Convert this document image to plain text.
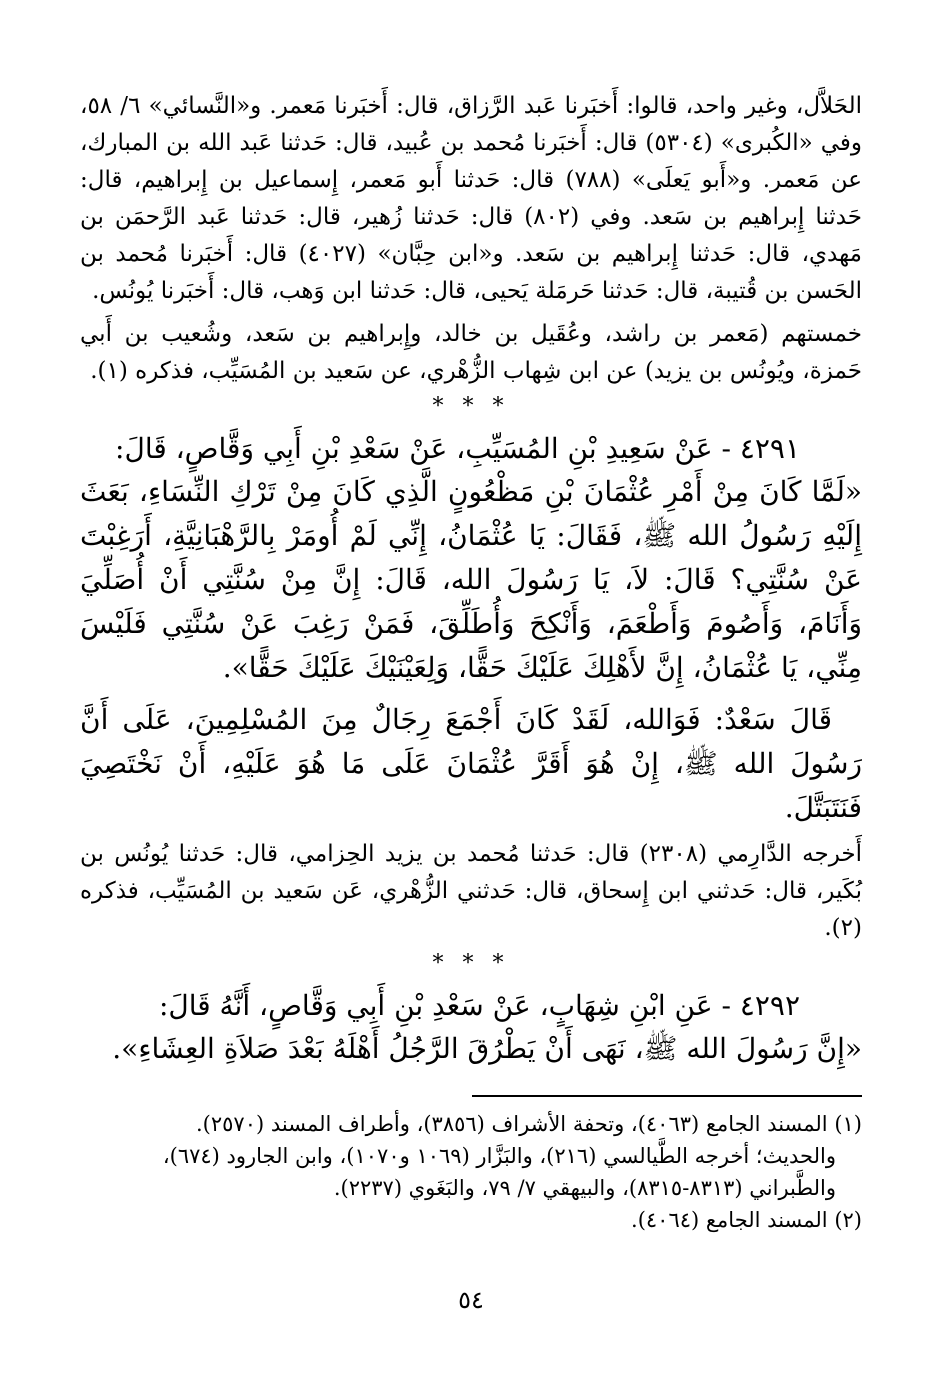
الحَلاَّل، وغير واحد، قالوا: أَخبَرنا عَبد الرَّزاق، قال: أَخبَرنا مَعمر. و«النَّسائي» ٦/ ٥٨، وفي «الكُبرى» (٥٣٠٤) قال: أَخبَرنا مُحمد بن عُبيد، قال: حَدثنا عَبد الله بن المبارك، عن مَعمر. و«أَبو يَعلَى» (٧٨٨) قال: حَدثنا أَبو مَعمر، إِسماعيل بن إِبراهيم، قال: حَدثنا إِبراهيم بن سَعد. وفي (٨٠٢) قال: حَدثنا زُهير، قال: حَدثنا عَبد الرَّحمَن بن مَهدي، قال: حَدثنا إِبراهيم بن سَعد. و«ابن حِبَّان» (٤٠٢٧) قال: أَخبَرنا مُحمد بن الحَسن بن قُتيبة، قال: حَدثنا حَرمَلة يَحيى، قال: حَدثنا ابن وَهب، قال: أَخبَرنا يُونُس.

خمستهم (مَعمر بن راشد، وعُقَيل بن خالد، وإِبراهيم بن سَعد، وشُعيب بن أَبي حَمزة، ويُونُس بن يزيد) عن ابن شِهاب الزُّهْري، عن سَعيد بن المُسَيِّب، فذكره (١).

* * *

٤٢٩١ - عَنْ سَعِيدِ بْنِ المُسَيِّبِ، عَنْ سَعْدِ بْنِ أَبِي وَقَّاصٍ، قَالَ:

«لَمَّا كَانَ مِنْ أَمْرِ عُثْمَانَ بْنِ مَظْعُونٍ الَّذِي كَانَ مِنْ تَرْكِ النِّسَاءِ، بَعَثَ إِلَيْهِ رَسُولُ الله ﷺ، فَقَالَ: يَا عُثْمَانُ، إِنِّي لَمْ أُومَرْ بِالرَّهْبَانِيَّةِ، أَرَغِبْتَ عَنْ سُنَّتِي؟ قَالَ: لاَ، يَا رَسُولَ الله، قَالَ: إِنَّ مِنْ سُنَّتِي أَنْ أُصَلِّيَ وَأَنَامَ، وَأَصُومَ وَأَطْعَمَ، وَأَنْكِحَ وَأُطَلِّقَ، فَمَنْ رَغِبَ عَنْ سُنَّتِي فَلَيْسَ مِنِّي، يَا عُثْمَانُ، إِنَّ لأَهْلِكَ عَلَيْكَ حَقًّا، وَلِعَيْنَيْكَ عَلَيْكَ حَقًّا».

قَالَ سَعْدٌ: فَوَالله، لَقَدْ كَانَ أَجْمَعَ رِجَالٌ مِنَ المُسْلِمِينَ، عَلَى أَنَّ رَسُولَ الله ﷺ، إِنْ هُوَ أَقَرَّ عُثْمَانَ عَلَى مَا هُوَ عَلَيْهِ، أَنْ نَخْتَصِيَ فَنَتَبَتَّلَ.

أَخرجه الدَّارِمي (٢٣٠٨) قال: حَدثنا مُحمد بن يزيد الحِزامي، قال: حَدثنا يُونُس بن بُكَير، قال: حَدثني ابن إِسحاق، قال: حَدثني الزُّهْري، عَن سَعيد بن المُسَيِّب، فذكره (٢).

* * *

٤٢٩٢ - عَنِ ابْنِ شِهَابٍ، عَنْ سَعْدِ بْنِ أَبِي وَقَّاصٍ، أَنَّهُ قَالَ:

«إِنَّ رَسُولَ الله ﷺ، نَهَى أَنْ يَطْرُقَ الرَّجُلُ أَهْلَهُ بَعْدَ صَلاَةِ العِشَاءِ».

(١) المسند الجامع (٤٠٦٣)، وتحفة الأشراف (٣٨٥٦)، وأطراف المسند (٢٥٧٠).

والحديث؛ أخرجه الطَّيالسي (٢١٦)، والبَزَّار (١٠٦٩ و١٠٧٠)، وابن الجارود (٦٧٤)،

والطَّبراني (٨٣١٣-٨٣١٥)، والبيهقي ٧/ ٧٩، والبَغَوي (٢٢٣٧).

(٢) المسند الجامع (٤٠٦٤).

٥٤
